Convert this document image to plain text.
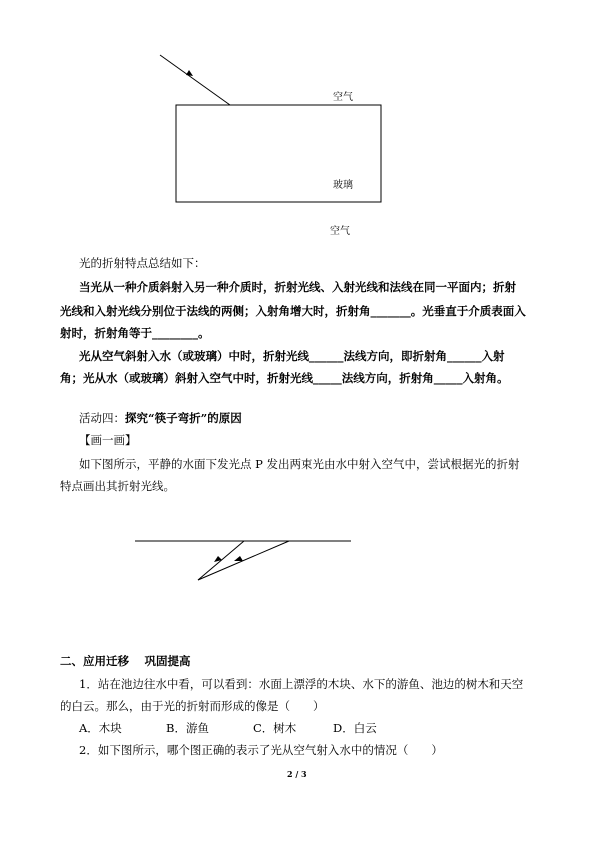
空气
玻璃
空气
光的折射特点总结如下：
当光从一种介质斜射入另一种介质时，折射光线、入射光线和法线在同一平面内；折射
光线和入射光线分别位于法线的两侧；入射角增大时，折射角_______。光垂直于介质表面入
射时，折射角等于________。
光从空气斜射入水（或玻璃）中时，折射光线______法线方向，即折射角______入射
角；光从水（或玻璃）斜射入空气中时，折射光线_____法线方向，折射角_____入射角。
活动四：探究“筷子弯折”的原因
【画一画】
如下图所示，平静的水面下发光点 P 发出两束光由水中射入空气中，尝试根据光的折射
特点画出其折射光线。
二、应用迁移　 巩固提高
1．站在池边往水中看，可以看到：水面上漂浮的木块、水下的游鱼、池边的树木和天空
的白云。那么，由于光的折射而形成的像是（　　）
A．木块	B．游鱼	C．树木	D．白云
2．如下图所示，哪个图正确的表示了光从空气射入水中的情况（　　）
2 / 3
